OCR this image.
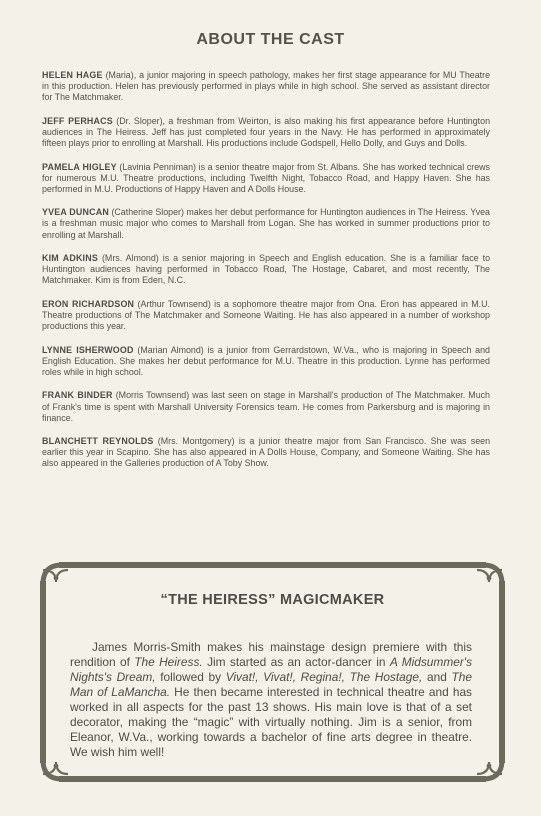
ABOUT THE CAST

HELEN HAGE (Maria), a junior majoring in speech pathology, makes her first stage appearance for MU Theatre in this production. Helen has previously performed in plays while in high school. She served as assistant director for The Matchmaker.

JEFF PERHACS (Dr. Sloper), a freshman from Weirton, is also making his first appearance before Huntington audiences in The Heiress. Jeff has just completed four years in the Navy. He has performed in approximately fifteen plays prior to enrolling at Marshall. His productions include Godspell, Hello Dolly, and Guys and Dolls.

PAMELA HIGLEY (Lavinia Penniman) is a senior theatre major from St. Albans. She has worked technical crews for numerous M.U. Theatre productions, including Twelfth Night, Tobacco Road, and Happy Haven. She has performed in M.U. Productions of Happy Haven and A Dolls House.

YVEA DUNCAN (Catherine Sloper) makes her debut performance for Huntington audiences in The Heiress. Yvea is a freshman music major who comes to Marshall from Logan. She has worked in summer productions prior to enrolling at Marshall.

KIM ADKINS (Mrs. Almond) is a senior majoring in Speech and English education. She is a familiar face to Huntington audiences having performed in Tobacco Road, The Hostage, Cabaret, and most recently, The Matchmaker. Kim is from Eden, N.C.

ERON RICHARDSON (Arthur Townsend) is a sophomore theatre major from Ona. Eron has appeared in M.U. Theatre productions of The Matchmaker and Someone Waiting. He has also appeared in a number of workshop productions this year.

LYNNE ISHERWOOD (Marian Almond) is a junior from Gerrardstown, W.Va., who is majoring in Speech and English Education. She makes her debut performance for M.U. Theatre in this production. Lynne has performed roles while in high school.

FRANK BINDER (Morris Townsend) was last seen on stage in Marshall's production of The Matchmaker. Much of Frank's time is spent with Marshall University Forensics team. He comes from Parkersburg and is majoring in finance.

BLANCHETT REYNOLDS (Mrs. Montgomery) is a junior theatre major from San Francisco. She was seen earlier this year in Scapino. She has also appeared in A Dolls House, Company, and Someone Waiting. She has also appeared in the Galleries production of A Toby Show.

“THE HEIRESS” MAGICMAKER

James Morris-Smith makes his mainstage design premiere with this rendition of The Heiress. Jim started as an actor-dancer in A Midsummer's Nights's Dream, followed by Vivat!, Vivat!, Regina!, The Hostage, and The Man of LaMancha. He then became interested in technical theatre and has worked in all aspects for the past 13 shows. His main love is that of a set decorator, making the “magic” with virtually nothing. Jim is a senior, from Eleanor, W.Va., working towards a bachelor of fine arts degree in theatre. We wish him well!
